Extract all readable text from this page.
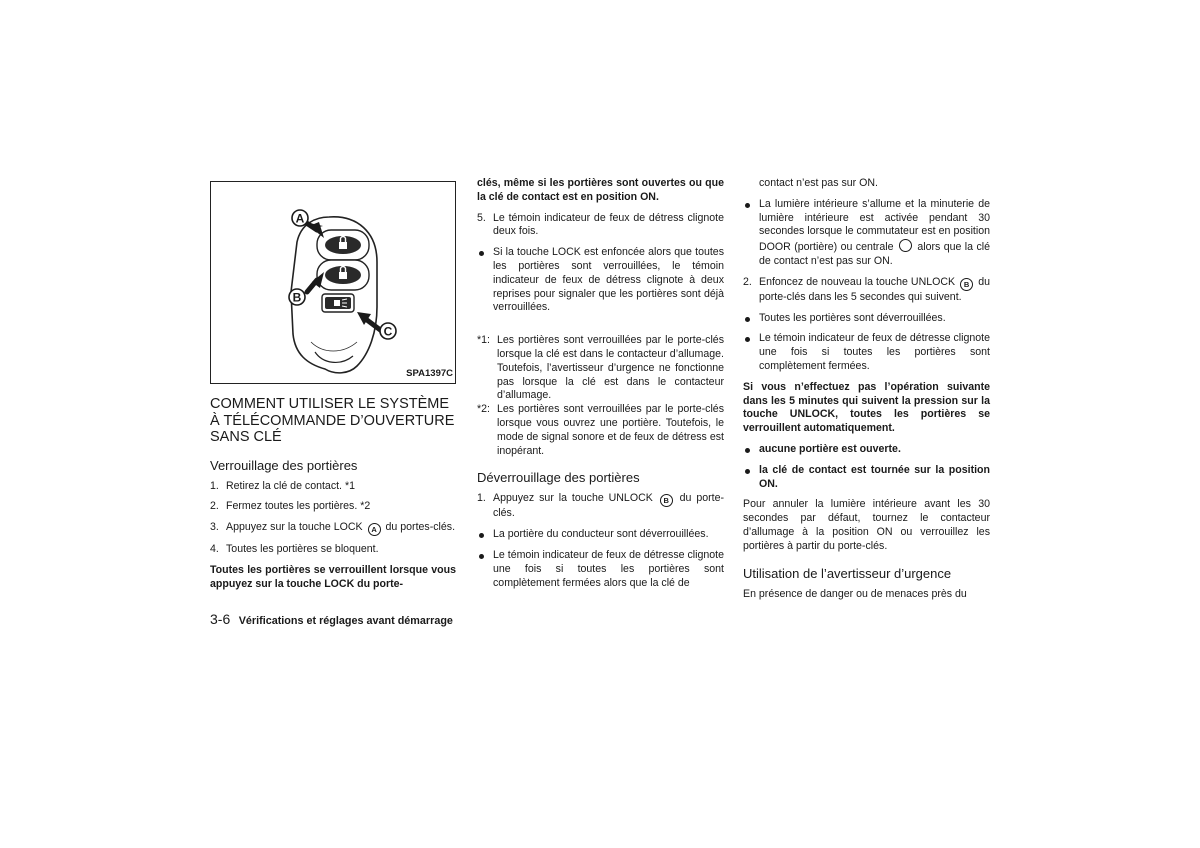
A
B
C
SPA1397C
COMMENT UTILISER LE SYSTÈME À TÉLÉCOMMANDE D’OUVERTURE SANS CLÉ
Verrouillage des portières
1. Retirez la clé de contact. *1
2. Fermez toutes les portières. *2
3. Appuyez sur la touche LOCK A du portes-clés.
4. Toutes les portières se bloquent.
Toutes les portières se verrouillent lorsque vous appuyez sur la touche LOCK du porte-
clés, même si les portières sont ouvertes ou que la clé de contact est en position ON.
5. Le témoin indicateur de feux de détress clignote deux fois.
Si la touche LOCK est enfoncée alors que toutes les portières sont verrouillées, le témoin indicateur de feux de détress clignote à deux reprises pour signaler que les portières sont déjà verrouillées.
*1: Les portières sont verrouillées par le porte-clés lorsque la clé est dans le contacteur d’allumage. Toutefois, l’avertisseur d’urgence ne fonctionne pas lorsque la clé est dans le contacteur d’allumage.
*2: Les portières sont verrouillées par le porte-clés lorsque vous ouvrez une portière. Toutefois, le mode de signal sonore et de feux de détress est inopérant.
Déverrouillage des portières
1. Appuyez sur la touche UNLOCK B du porte-clés.
La portière du conducteur sont déverrouillées.
Le témoin indicateur de feux de détresse clignote une fois si toutes les portières sont complètement fermées alors que la clé de
contact n’est pas sur ON.
La lumière intérieure s’allume et la minuterie de lumière intérieure est activée pendant 30 secondes lorsque le commutateur est en position DOOR (portière) ou centrale alors que la clé de contact n’est pas sur ON.
2. Enfoncez de nouveau la touche UNLOCK B du porte-clés dans les 5 secondes qui suivent.
Toutes les portières sont déverrouillées.
Le témoin indicateur de feux de détresse clignote une fois si toutes les portières sont complètement fermées.
Si vous n’effectuez pas l’opération suivante dans les 5 minutes qui suivent la pression sur la touche UNLOCK, toutes les portières se verrouillent automatiquement.
aucune portière est ouverte.
la clé de contact est tournée sur la position ON.
Pour annuler la lumière intérieure avant les 30 secondes par défaut, tournez le contacteur d’allumage à la position ON ou verrouillez les portières à partir du porte-clés.
Utilisation de l’avertisseur d’urgence
En présence de danger ou de menaces près du
3-6 Vérifications et réglages avant démarrage
